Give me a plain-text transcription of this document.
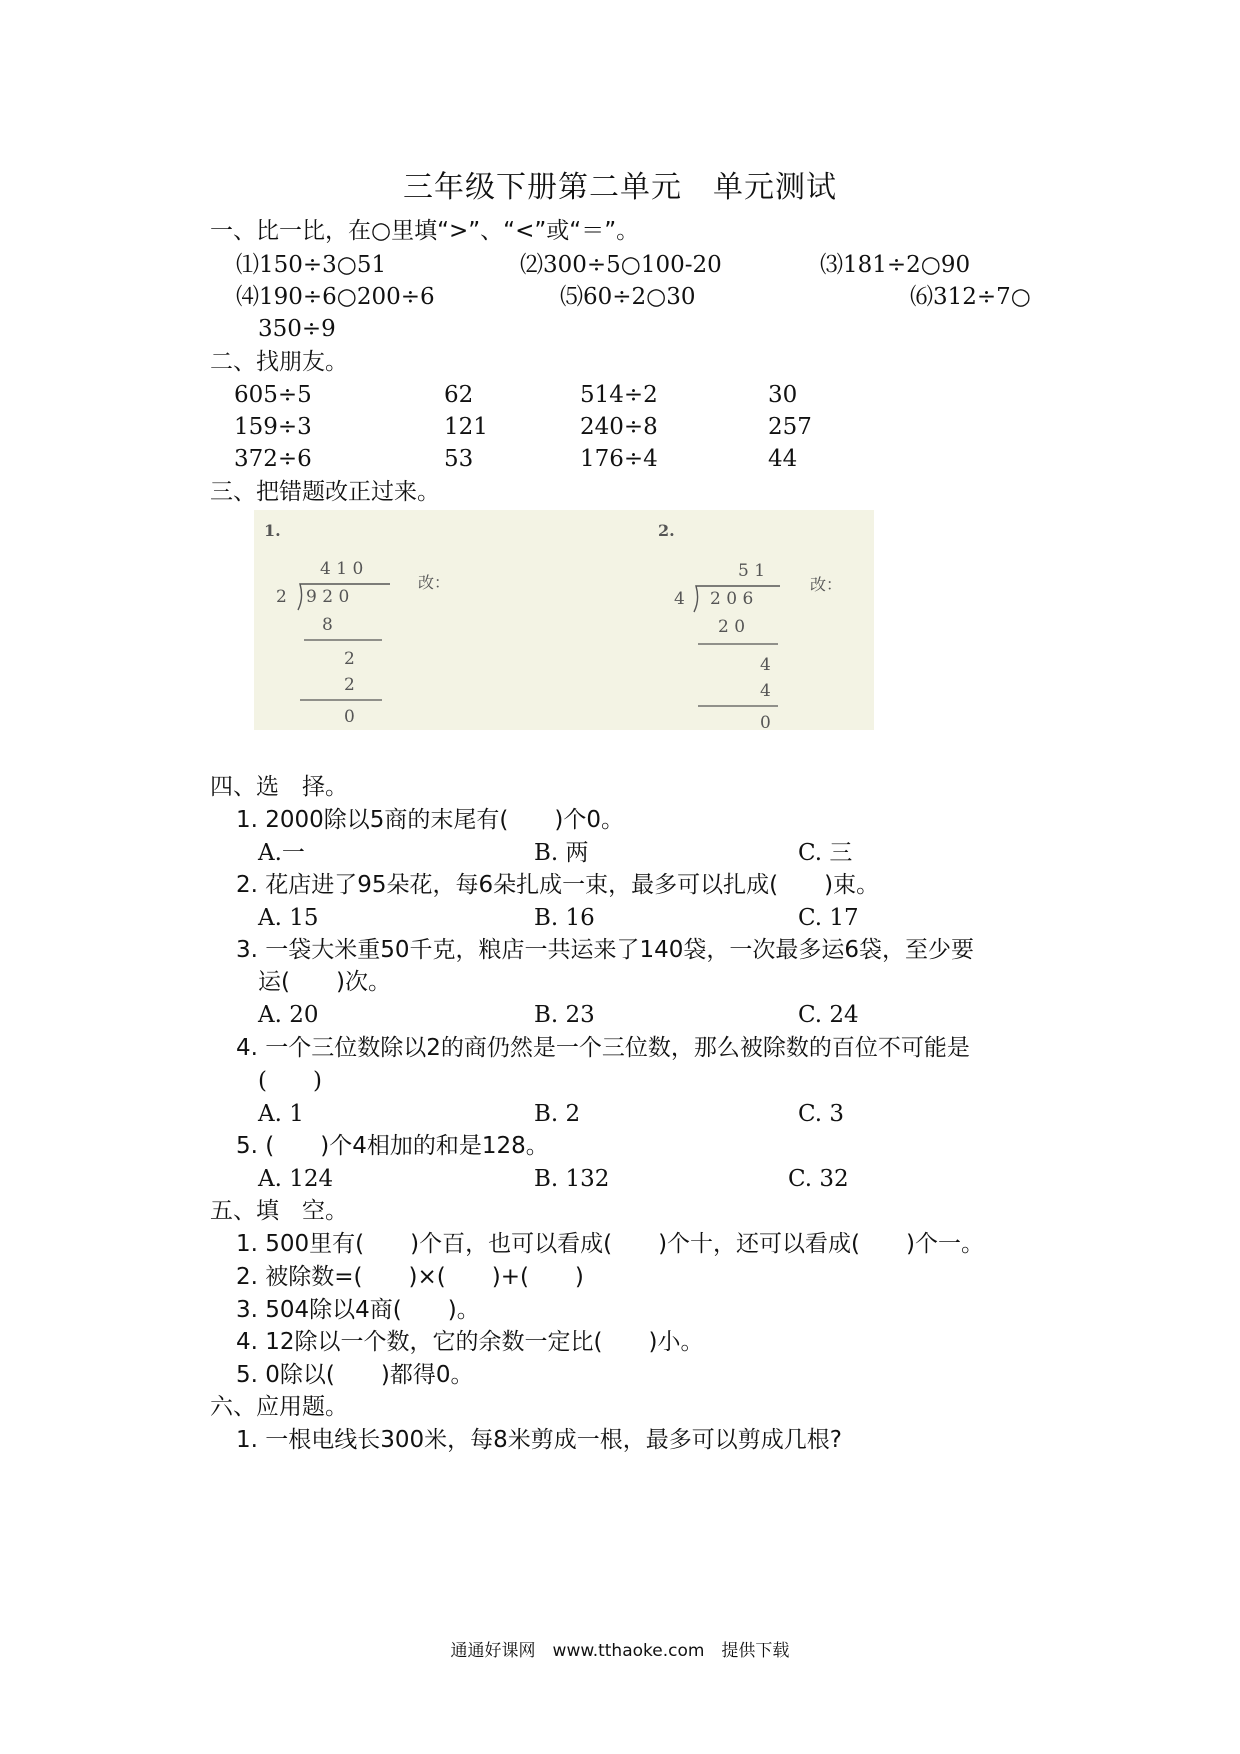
三年级下册第二单元　单元测试
一、比一比，在○里填“>”、“<”或“＝”。
⑴150÷3○51	⑵300÷5○100-20	⑶181÷2○90
⑷190÷6○200÷6	⑸60÷2○30	⑹312÷7○
350÷9
二、找朋友。
605÷5	62	514÷2	30
159÷3	121	240÷8	257
372÷6	53	176÷4	44
三、把错题改正过来。
1.
4 1 0
2 9 2 0
8
2
2
0
改：
2.
5 1
4 2 0 6
2 0
4
4
0
改：
四、选　择。
1. 2000除以5商的末尾有(　　)个0。
A.一	B. 两	C. 三
2. 花店进了95朵花，每6朵扎成一束，最多可以扎成(　　)束。
A. 15	B. 16	C. 17
3. 一袋大米重50千克，粮店一共运来了140袋，一次最多运6袋，至少要
运(　　)次。
A. 20	B. 23	C. 24
4. 一个三位数除以2的商仍然是一个三位数，那么被除数的百位不可能是
(　　)
A. 1	B. 2	C. 3
5. (　　)个4相加的和是128。
A. 124	B. 132	C. 32
五、填　空。
1. 500里有(　　)个百，也可以看成(　　)个十，还可以看成(　　)个一。
2. 被除数=(　　)×(　　)+(　　)
3. 504除以4商(　　)。
4. 12除以一个数，它的余数一定比(　　)小。
5. 0除以(　　)都得0。
六、应用题。
1. 一根电线长300米，每8米剪成一根，最多可以剪成几根?
通通好课网　www.tthaoke.com　提供下载
